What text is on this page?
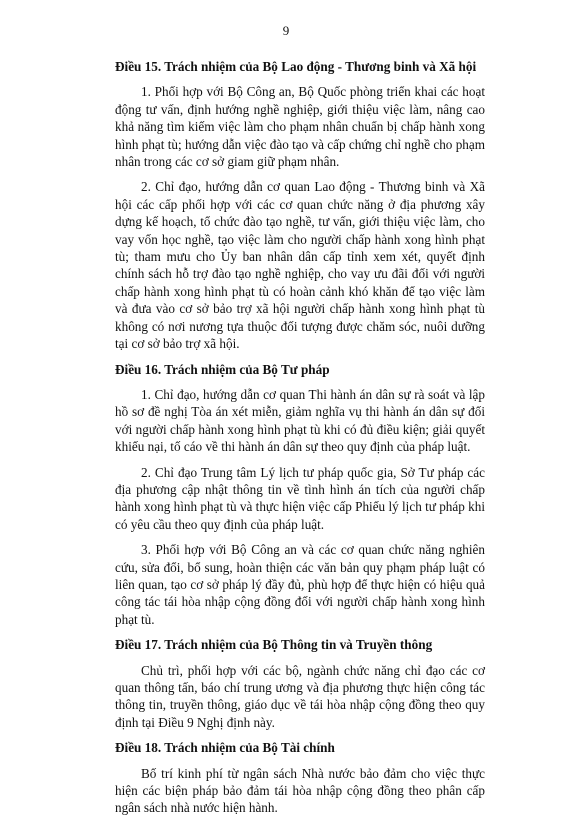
9
Điều 15. Trách nhiệm của Bộ Lao động - Thương binh và Xã hội

1. Phối hợp với Bộ Công an, Bộ Quốc phòng triển khai các hoạt động tư vấn, định hướng nghề nghiệp, giới thiệu việc làm, nâng cao khả năng tìm kiếm việc làm cho phạm nhân chuẩn bị chấp hành xong hình phạt tù; hướng dẫn việc đào tạo và cấp chứng chỉ nghề cho phạm nhân trong các cơ sở giam giữ phạm nhân.

2. Chỉ đạo, hướng dẫn cơ quan Lao động - Thương binh và Xã hội các cấp phối hợp với các cơ quan chức năng ở địa phương xây dựng kế hoạch, tổ chức đào tạo nghề, tư vấn, giới thiệu việc làm, cho vay vốn học nghề, tạo việc làm cho người chấp hành xong hình phạt tù; tham mưu cho Ủy ban nhân dân cấp tỉnh xem xét, quyết định chính sách hỗ trợ đào tạo nghề nghiệp, cho vay ưu đãi đối với người chấp hành xong hình phạt tù có hoàn cảnh khó khăn để tạo việc làm và đưa vào cơ sở bảo trợ xã hội người chấp hành xong hình phạt tù không có nơi nương tựa thuộc đối tượng được chăm sóc, nuôi dưỡng tại cơ sở bảo trợ xã hội.

Điều 16. Trách nhiệm của Bộ Tư pháp

1. Chỉ đạo, hướng dẫn cơ quan Thi hành án dân sự rà soát và lập hồ sơ đề nghị Tòa án xét miễn, giảm nghĩa vụ thi hành án dân sự đối với người chấp hành xong hình phạt tù khi có đủ điều kiện; giải quyết khiếu nại, tố cáo về thi hành án dân sự theo quy định của pháp luật.

2. Chỉ đạo Trung tâm Lý lịch tư pháp quốc gia, Sở Tư pháp các địa phương cập nhật thông tin về tình hình án tích của người chấp hành xong hình phạt tù và thực hiện việc cấp Phiếu lý lịch tư pháp khi có yêu cầu theo quy định của pháp luật.

3. Phối hợp với Bộ Công an và các cơ quan chức năng nghiên cứu, sửa đổi, bổ sung, hoàn thiện các văn bản quy phạm pháp luật có liên quan, tạo cơ sở pháp lý đầy đủ, phù hợp để thực hiện có hiệu quả công tác tái hòa nhập cộng đồng đối với người chấp hành xong hình phạt tù.

Điều 17. Trách nhiệm của Bộ Thông tin và Truyền thông

Chủ trì, phối hợp với các bộ, ngành chức năng chỉ đạo các cơ quan thông tấn, báo chí trung ương và địa phương thực hiện công tác thông tin, truyền thông, giáo dục về tái hòa nhập cộng đồng theo quy định tại Điều 9 Nghị định này.

Điều 18. Trách nhiệm của Bộ Tài chính

Bố trí kinh phí từ ngân sách Nhà nước bảo đảm cho việc thực hiện các biện pháp bảo đảm tái hòa nhập cộng đồng theo phân cấp ngân sách nhà nước hiện hành.
